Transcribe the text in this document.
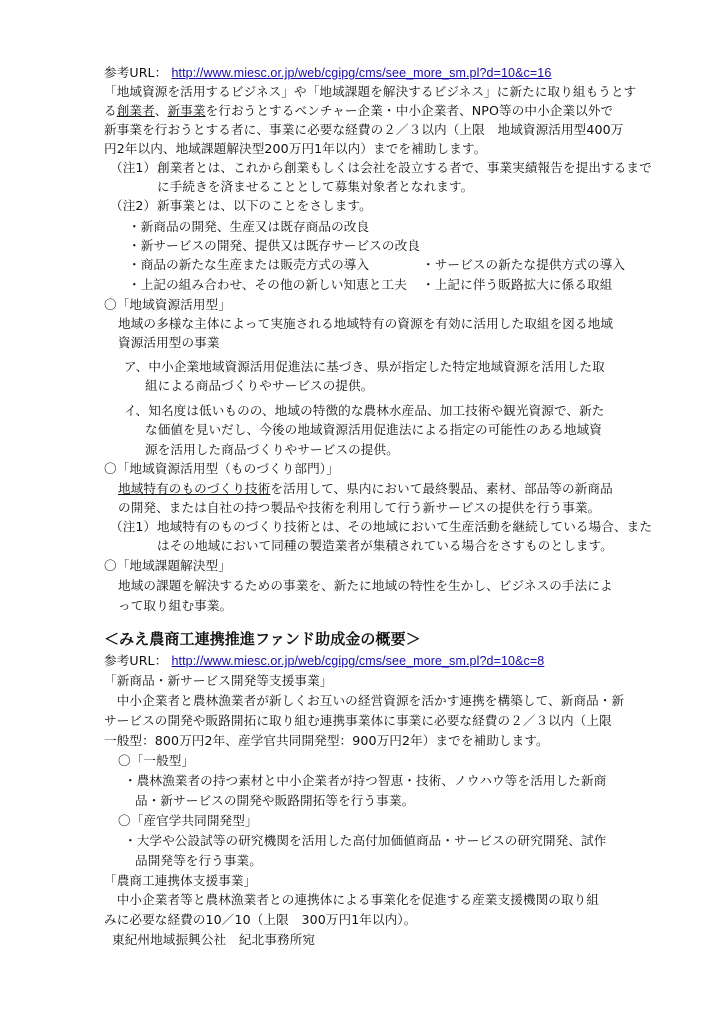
参考URL： http://www.miesc.or.jp/web/cgipg/cms/see_more_sm.pl?d=10&c=16
「地域資源を活用するビジネス」や「地域課題を解決するビジネス」に新たに取り組もうとす
る創業者、新事業を行おうとするベンチャー企業・中小企業者、NPO等の中小企業以外で
新事業を行おうとする者に、事業に必要な経費の２／３以内（上限　地域資源活用型400万
円2年以内、地域課題解決型200万円1年以内）までを補助します。
（注1） 創業者とは、これから創業もしくは会社を設立する者で、事業実績報告を提出するまで
に手続きを済ませることとして募集対象者となれます。
（注2） 新事業とは、以下のことをさします。
・新商品の開発、生産又は既存商品の改良
・新サービスの開発、提供又は既存サービスの改良
・商品の新たな生産または販売方式の導入	・サービスの新たな提供方式の導入
・上記の組み合わせ、その他の新しい知恵と工夫 ・上記に伴う販路拡大に係る取組
〇「地域資源活用型」
地域の多様な主体によって実施される地域特有の資源を有効に活用した取組を図る地域
資源活用型の事業
ア、中小企業地域資源活用促進法に基づき、県が指定した特定地域資源を活用した取
組による商品づくりやサービスの提供。
イ、知名度は低いものの、地域の特徴的な農林水産品、加工技術や観光資源で、新た
な価値を見いだし、今後の地域資源活用促進法による指定の可能性のある地域資
源を活用した商品づくりやサービスの提供。
〇「地域資源活用型（ものづくり部門）」
地域特有のものづくり技術を活用して、県内において最終製品、素材、部品等の新商品
の開発、または自社の持つ製品や技術を利用して行う新サービスの提供を行う事業。
（注1） 地域特有のものづくり技術とは、その地域において生産活動を継続している場合、また
はその地域において同種の製造業者が集積されている場合をさすものとします。
〇「地域課題解決型」
地域の課題を解決するための事業を、新たに地域の特性を生かし、ビジネスの手法によ
って取り組む事業。
＜みえ農商工連携推進ファンド助成金の概要＞
参考URL： http://www.miesc.or.jp/web/cgipg/cms/see_more_sm.pl?d=10&c=8
「新商品・新サービス開発等支援事業」
　中小企業者と農林漁業者が新しくお互いの経営資源を活かす連携を構築して、新商品・新
サービスの開発や販路開拓に取り組む連携事業体に事業に必要な経費の２／３以内（上限
一般型：800万円2年、産学官共同開発型：900万円2年）までを補助します。
〇「一般型」
・農林漁業者の持つ素材と中小企業者が持つ智恵・技術、ノウハウ等を活用した新商
品・新サービスの開発や販路開拓等を行う事業。
〇「産官学共同開発型」
・大学や公設試等の研究機関を活用した高付加価値商品・サービスの研究開発、試作
品開発等を行う事業。
「農商工連携体支援事業」
　中小企業者等と農林漁業者との連携体による事業化を促進する産業支援機関の取り組
みに必要な経費の10／10（上限　300万円1年以内）。
東紀州地域振興公社　紀北事務所宛
